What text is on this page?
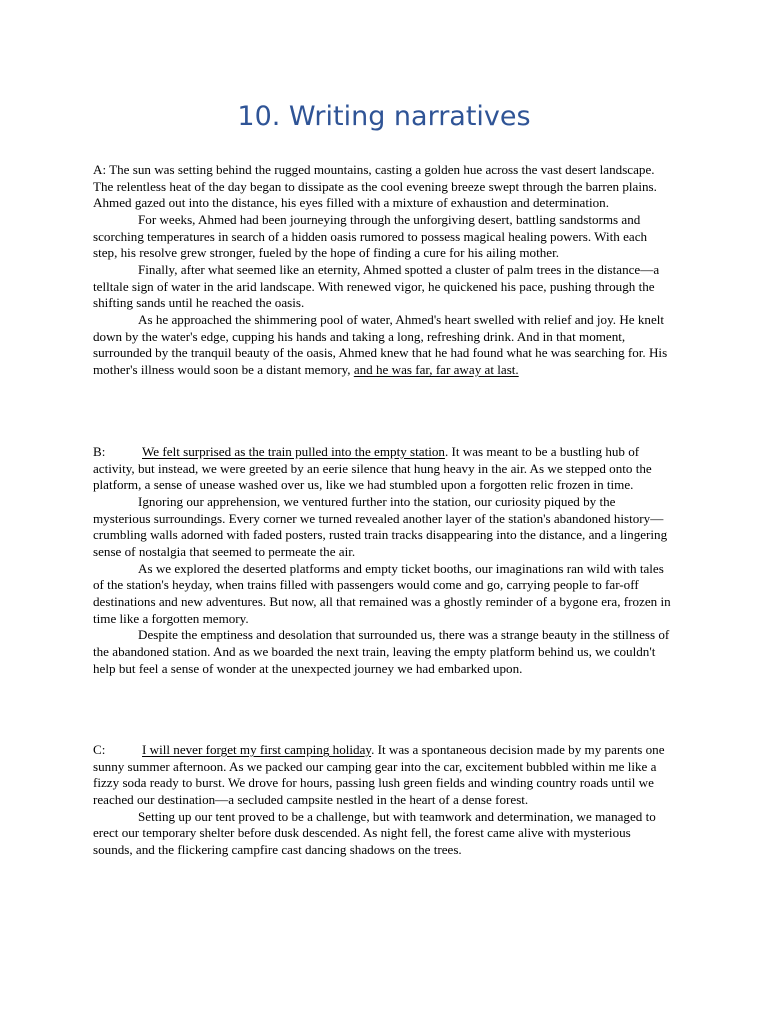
10. Writing narratives

A: The sun was setting behind the rugged mountains, casting a golden hue across the vast desert landscape. The relentless heat of the day began to dissipate as the cool evening breeze swept through the barren plains. Ahmed gazed out into the distance, his eyes filled with a mixture of exhaustion and determination.

For weeks, Ahmed had been journeying through the unforgiving desert, battling sandstorms and scorching temperatures in search of a hidden oasis rumored to possess magical healing powers. With each step, his resolve grew stronger, fueled by the hope of finding a cure for his ailing mother.

Finally, after what seemed like an eternity, Ahmed spotted a cluster of palm trees in the distance—a telltale sign of water in the arid landscape. With renewed vigor, he quickened his pace, pushing through the shifting sands until he reached the oasis.

As he approached the shimmering pool of water, Ahmed's heart swelled with relief and joy. He knelt down by the water's edge, cupping his hands and taking a long, refreshing drink. And in that moment, surrounded by the tranquil beauty of the oasis, Ahmed knew that he had found what he was searching for. His mother's illness would soon be a distant memory, and he was far, far away at last.

B:	We felt surprised as the train pulled into the empty station. It was meant to be a bustling hub of activity, but instead, we were greeted by an eerie silence that hung heavy in the air. As we stepped onto the platform, a sense of unease washed over us, like we had stumbled upon a forgotten relic frozen in time.

Ignoring our apprehension, we ventured further into the station, our curiosity piqued by the mysterious surroundings. Every corner we turned revealed another layer of the station's abandoned history—crumbling walls adorned with faded posters, rusted train tracks disappearing into the distance, and a lingering sense of nostalgia that seemed to permeate the air.

As we explored the deserted platforms and empty ticket booths, our imaginations ran wild with tales of the station's heyday, when trains filled with passengers would come and go, carrying people to far-off destinations and new adventures. But now, all that remained was a ghostly reminder of a bygone era, frozen in time like a forgotten memory.

Despite the emptiness and desolation that surrounded us, there was a strange beauty in the stillness of the abandoned station. And as we boarded the next train, leaving the empty platform behind us, we couldn't help but feel a sense of wonder at the unexpected journey we had embarked upon.

C:	I will never forget my first camping holiday. It was a spontaneous decision made by my parents one sunny summer afternoon. As we packed our camping gear into the car, excitement bubbled within me like a fizzy soda ready to burst. We drove for hours, passing lush green fields and winding country roads until we reached our destination—a secluded campsite nestled in the heart of a dense forest.

Setting up our tent proved to be a challenge, but with teamwork and determination, we managed to erect our temporary shelter before dusk descended. As night fell, the forest came alive with mysterious sounds, and the flickering campfire cast dancing shadows on the trees.
